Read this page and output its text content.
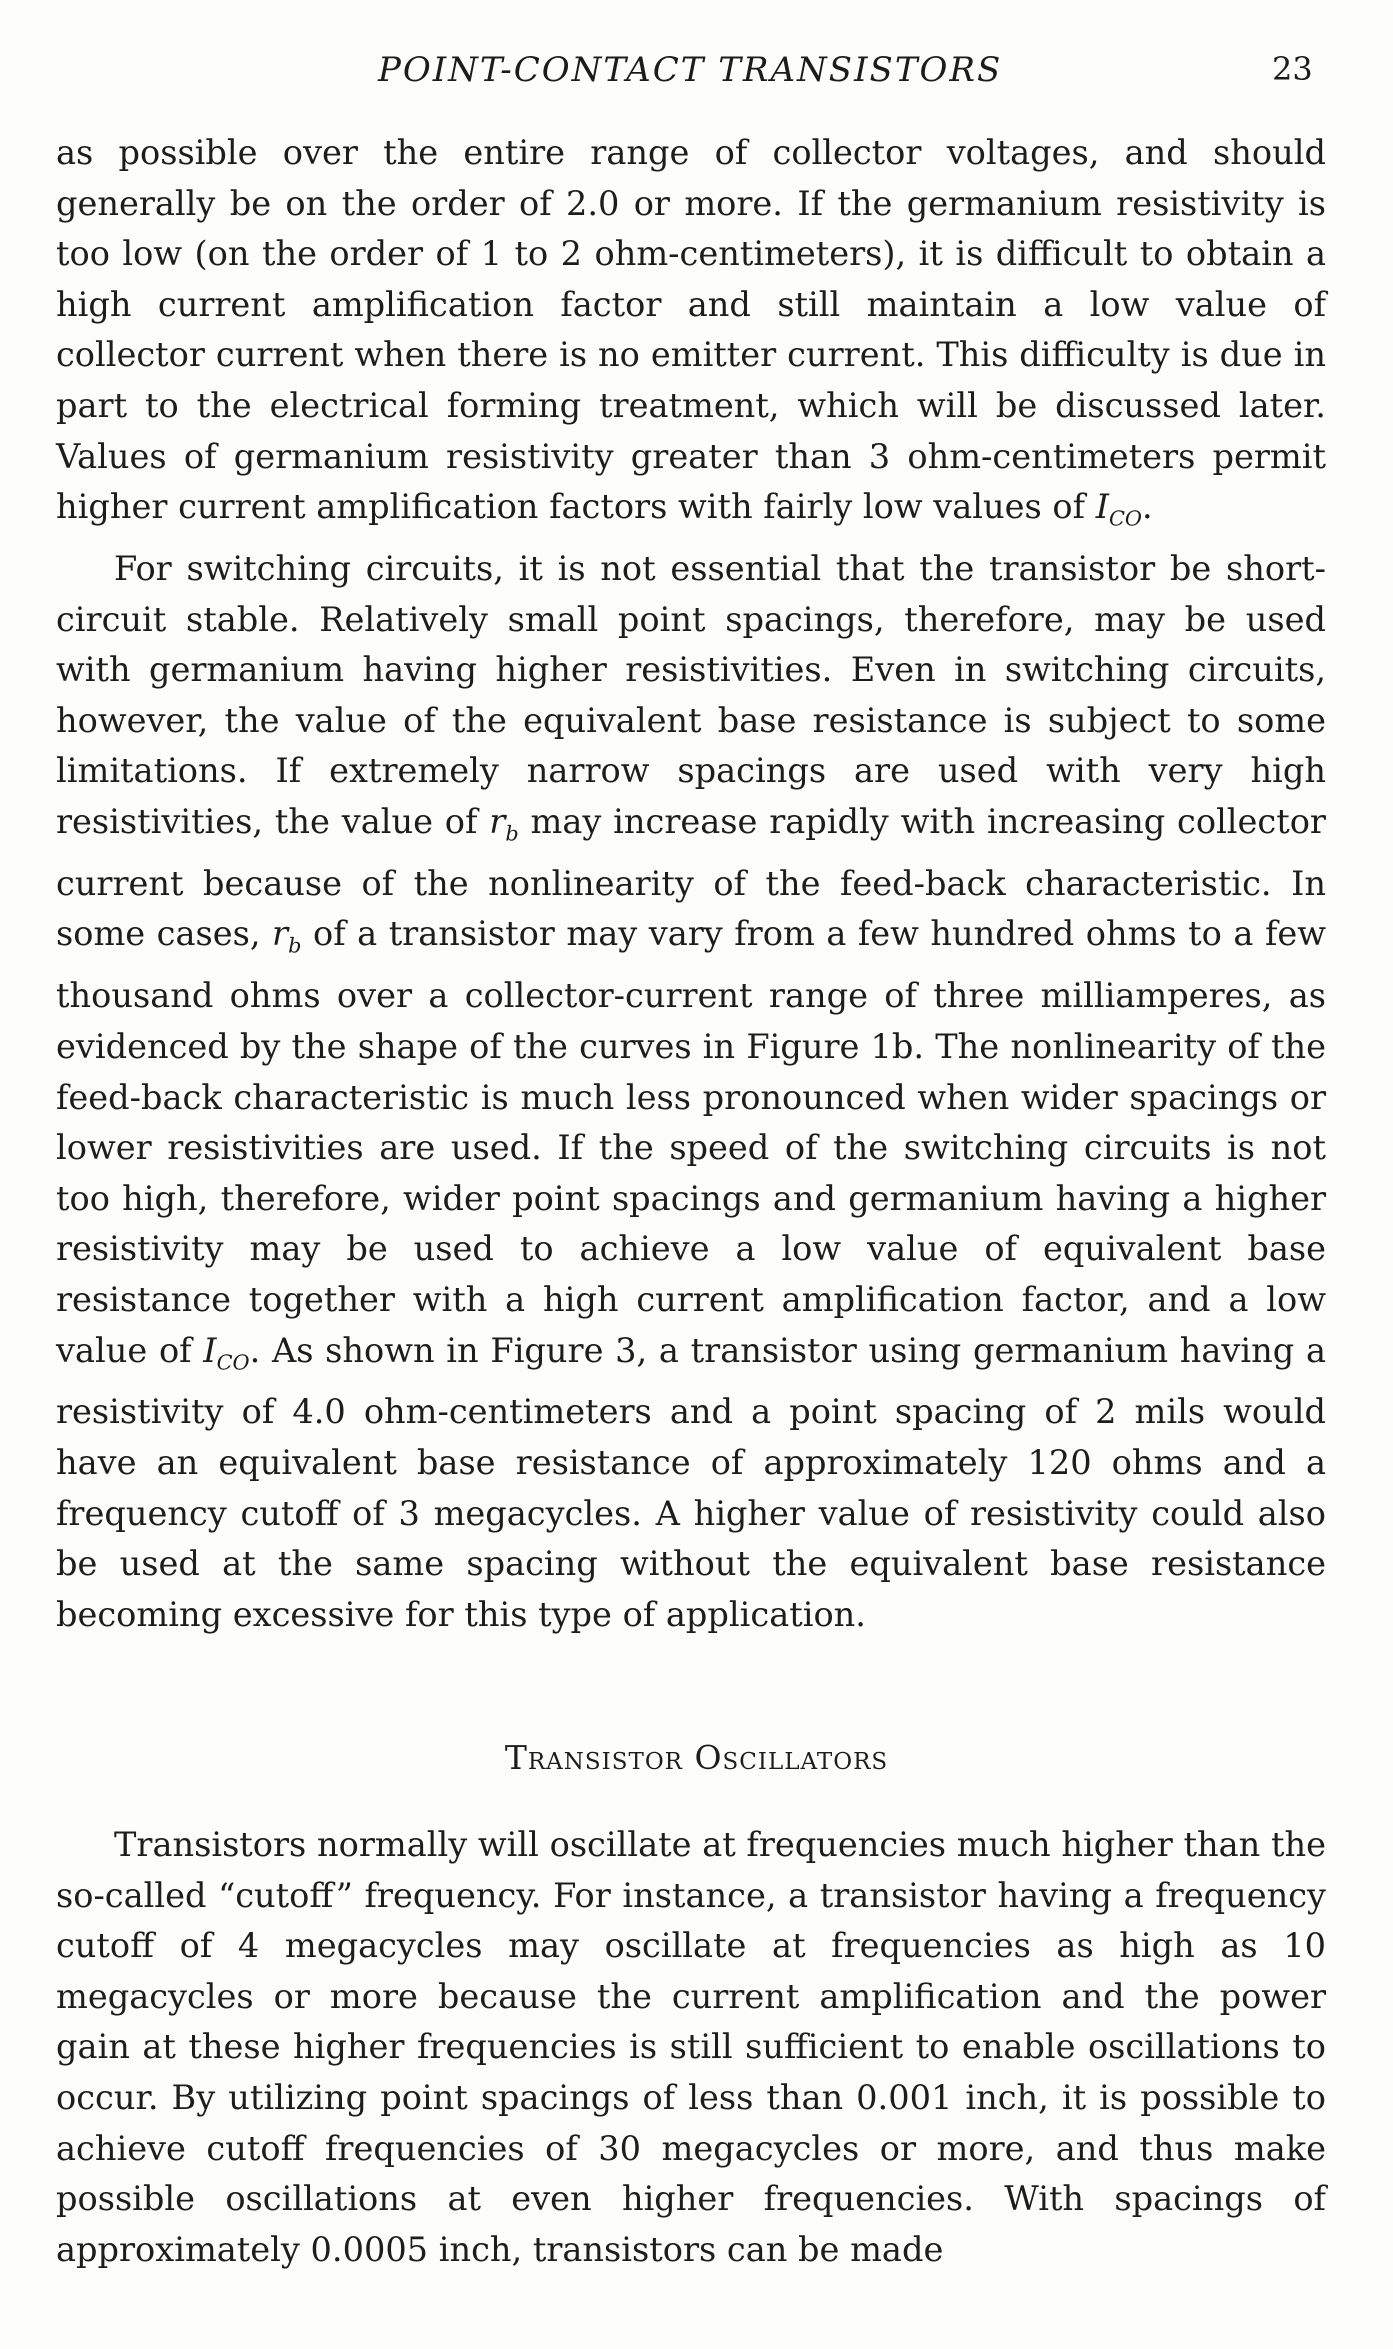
POINT-CONTACT TRANSISTORS	23

as possible over the entire range of collector voltages, and should generally be on the order of 2.0 or more. If the germanium resistivity is too low (on the order of 1 to 2 ohm-centimeters), it is difficult to obtain a high current amplification factor and still maintain a low value of collector current when there is no emitter current. This difficulty is due in part to the electrical forming treatment, which will be discussed later. Values of germanium resistivity greater than 3 ohm-centimeters permit higher current amplification factors with fairly low values of $I_{CO}$.

For switching circuits, it is not essential that the transistor be short-circuit stable. Relatively small point spacings, therefore, may be used with germanium having higher resistivities. Even in switching circuits, however, the value of the equivalent base resistance is subject to some limitations. If extremely narrow spacings are used with very high resistivities, the value of $r_b$ may increase rapidly with increasing collector current because of the nonlinearity of the feed-back characteristic. In some cases, $r_b$ of a transistor may vary from a few hundred ohms to a few thousand ohms over a collector-current range of three milliamperes, as evidenced by the shape of the curves in Figure 1b. The nonlinearity of the feed-back characteristic is much less pronounced when wider spacings or lower resistivities are used. If the speed of the switching circuits is not too high, therefore, wider point spacings and germanium having a higher resistivity may be used to achieve a low value of equivalent base resistance together with a high current amplification factor, and a low value of $I_{CO}$. As shown in Figure 3, a transistor using germanium having a resistivity of 4.0 ohm-centimeters and a point spacing of 2 mils would have an equivalent base resistance of approximately 120 ohms and a frequency cutoff of 3 megacycles. A higher value of resistivity could also be used at the same spacing without the equivalent base resistance becoming excessive for this type of application.

Transistor Oscillators

Transistors normally will oscillate at frequencies much higher than the so-called “cutoff” frequency. For instance, a transistor having a frequency cutoff of 4 megacycles may oscillate at frequencies as high as 10 megacycles or more because the current amplification and the power gain at these higher frequencies is still sufficient to enable oscillations to occur. By utilizing point spacings of less than 0.001 inch, it is possible to achieve cutoff frequencies of 30 megacycles or more, and thus make possible oscillations at even higher frequencies. With spacings of approximately 0.0005 inch, transistors can be made
